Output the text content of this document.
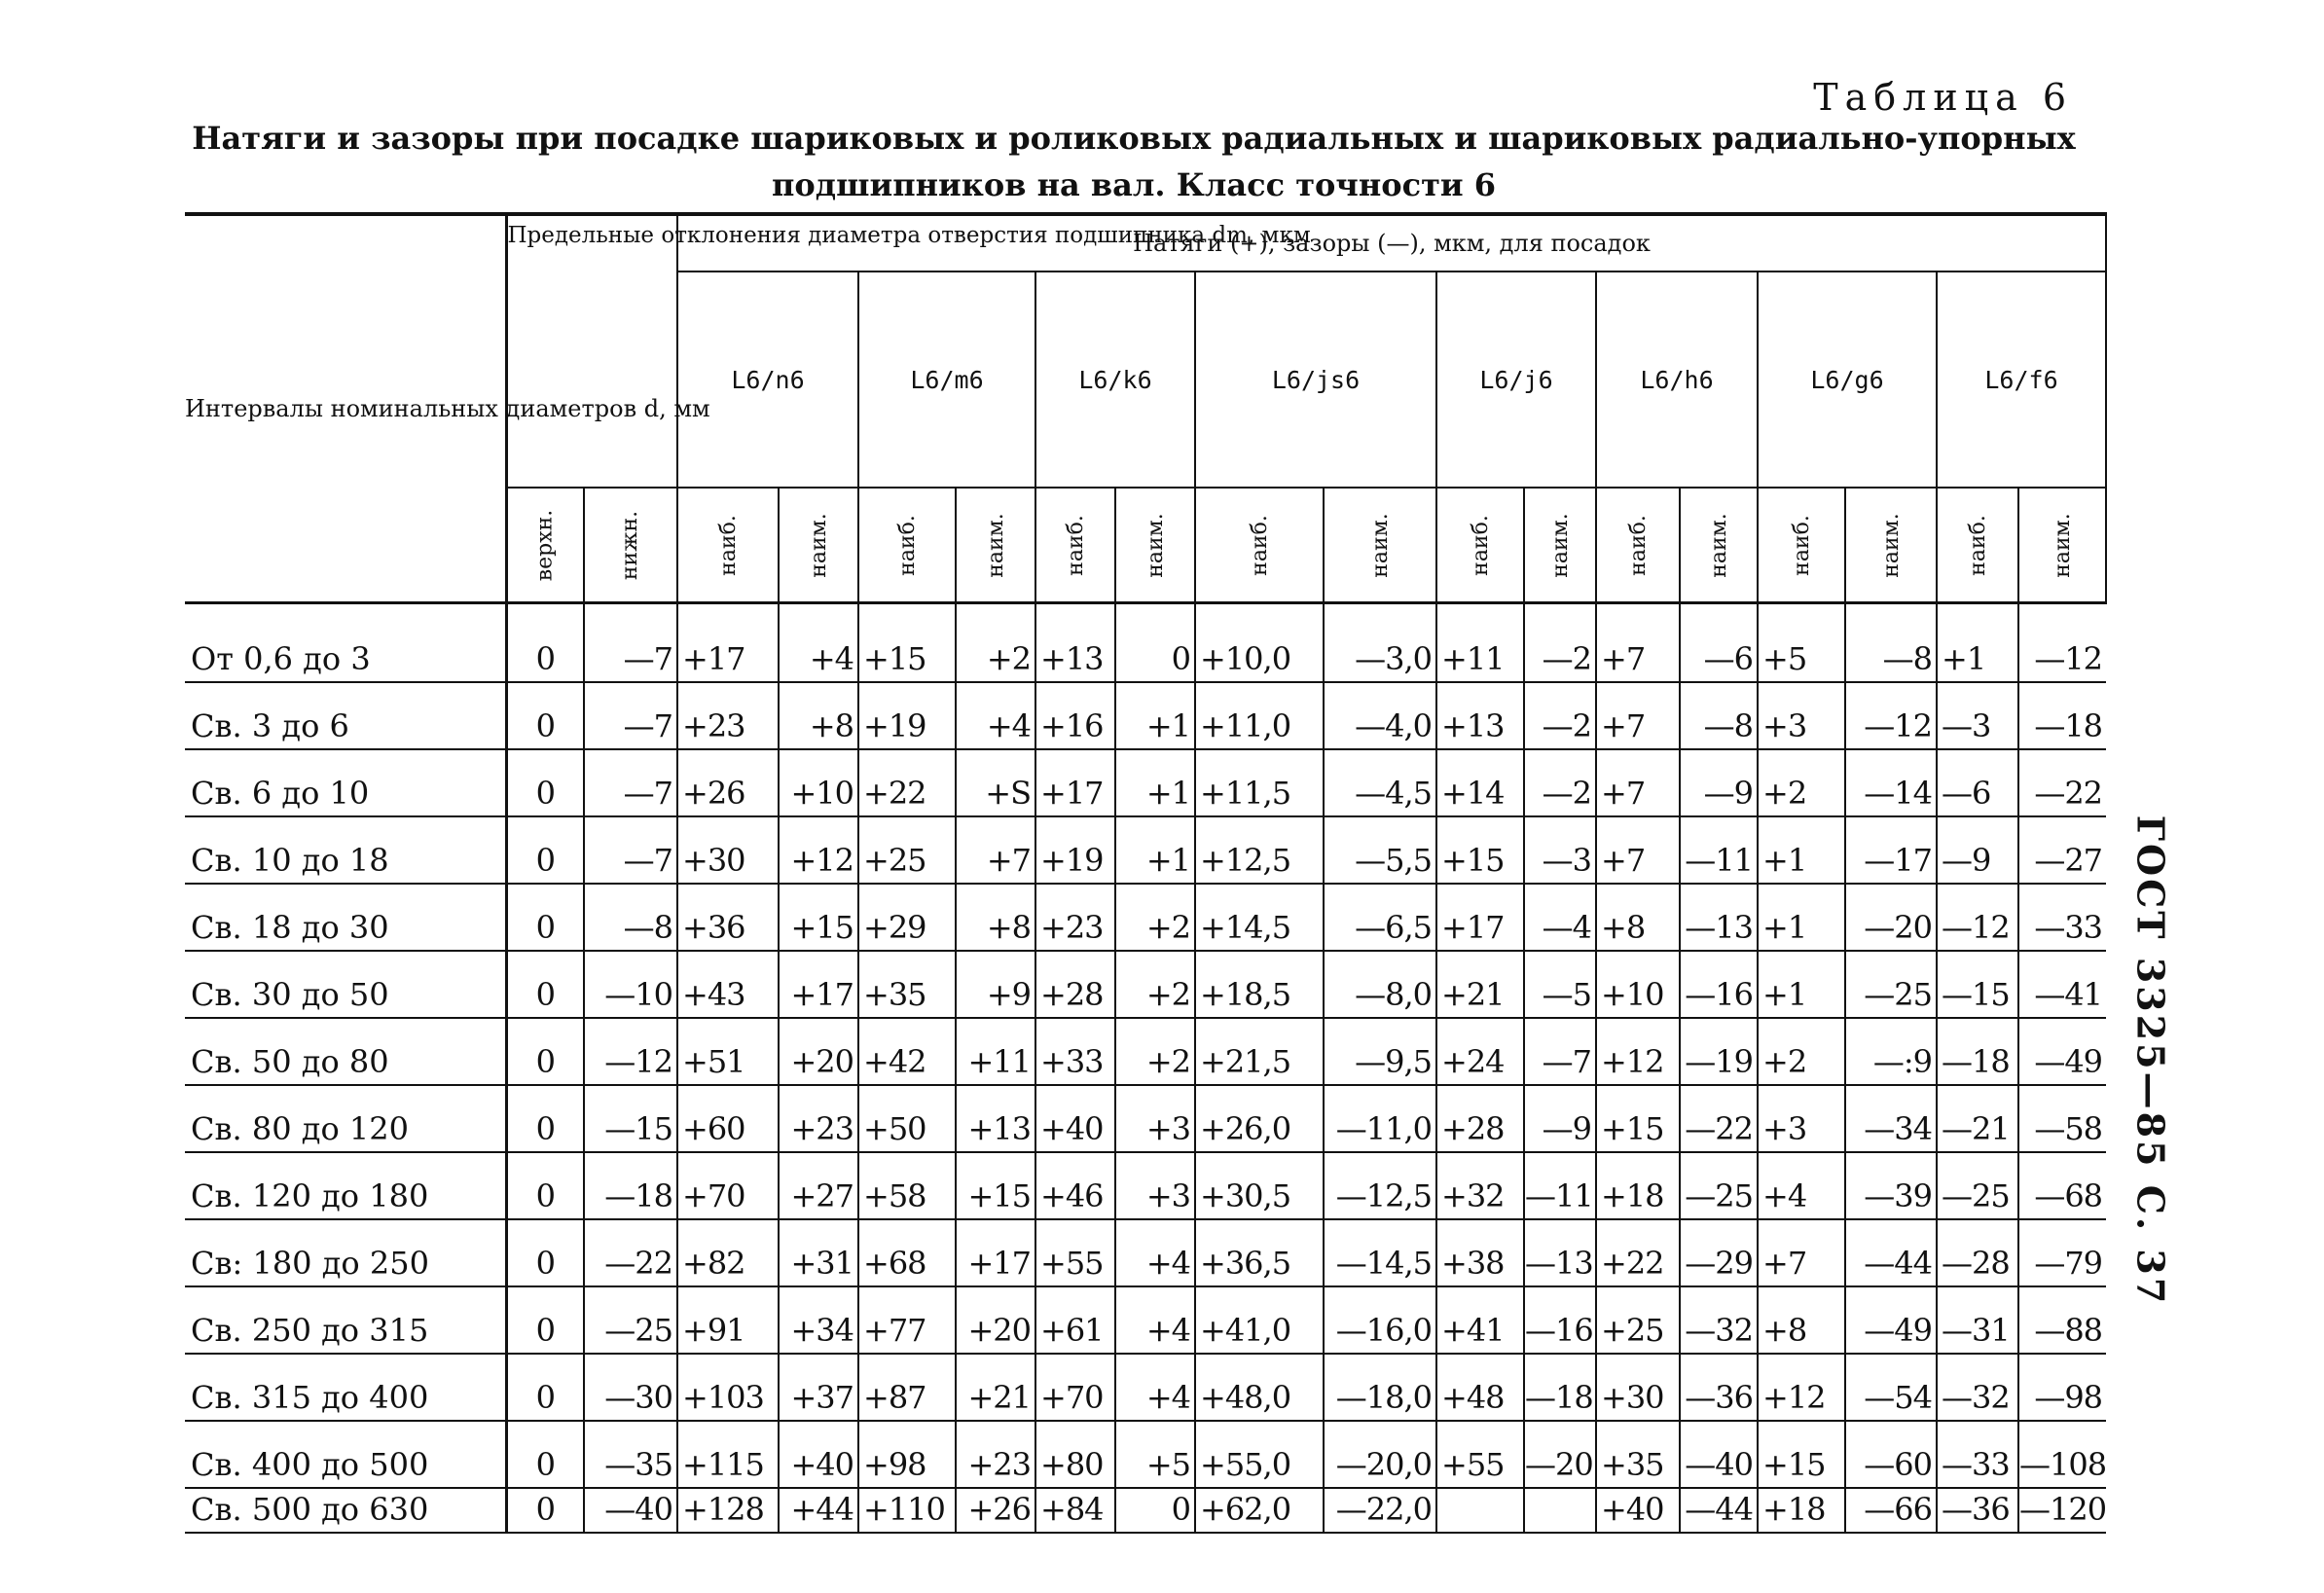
Таблица 6
Натяги и зазоры при посадке шариковых и роликовых радиальных и шариковых радиально-упорных
подшипников на вал. Класс точности 6
ГОСТ 3325—85 С. 37
Интервалы номинальных диаметров d, мм	Предельные отклонения диаметра отверстия подшипника dm, мкм		Натяги (+), зазоры (—), мкм, для посадок															
			L6/n6		L6/m6		L6/k6		L6/js6		L6/j6		L6/h6		L6/g6		L6/f6	
	верхн.	нижн.	наиб.	наим.	наиб.	наим.	наиб.	наим.	наиб.	наим.	наиб.	наим.	наиб.	наим.	наиб.	наим.	наиб.	наим.
От 0,6 до 3	0	—7	+17	+4	+15	+2	+13	0	+10,0	—3,0	+11	—2	+7	—6	+5	—8	+1	—12
Св. 3 до 6	0	—7	+23	+8	+19	+4	+16	+1	+11,0	—4,0	+13	—2	+7	—8	+3	—12	—3	—18
Св. 6 до 10	0	—7	+26	+10	+22	+S	+17	+1	+11,5	—4,5	+14	—2	+7	—9	+2	—14	—6	—22
Св. 10 до 18	0	—7	+30	+12	+25	+7	+19	+1	+12,5	—5,5	+15	—3	+7	—11	+1	—17	—9	—27
Св. 18 до 30	0	—8	+36	+15	+29	+8	+23	+2	+14,5	—6,5	+17	—4	+8	—13	+1	—20	—12	—33
Св. 30 до 50	0	—10	+43	+17	+35	+9	+28	+2	+18,5	—8,0	+21	—5	+10	—16	+1	—25	—15	—41
Св. 50 до 80	0	—12	+51	+20	+42	+11	+33	+2	+21,5	—9,5	+24	—7	+12	—19	+2	—:9	—18	—49
Св. 80 до 120	0	—15	+60	+23	+50	+13	+40	+3	+26,0	—11,0	+28	—9	+15	—22	+3	—34	—21	—58
Св. 120 до 180	0	—18	+70	+27	+58	+15	+46	+3	+30,5	—12,5	+32	—11	+18	—25	+4	—39	—25	—68
Св: 180 до 250	0	—22	+82	+31	+68	+17	+55	+4	+36,5	—14,5	+38	—13	+22	—29	+7	—44	—28	—79
Св. 250 до 315	0	—25	+91	+34	+77	+20	+61	+4	+41,0	—16,0	+41	—16	+25	—32	+8	—49	—31	—88
Св. 315 до 400	0	—30	+103	+37	+87	+21	+70	+4	+48,0	—18,0	+48	—18	+30	—36	+12	—54	—32	—98
Св. 400 до 500	0	—35	+115	+40	+98	+23	+80	+5	+55,0	—20,0	+55	—20	+35	—40	+15	—60	—33	—108
Св. 500 до 630	0	—40	+128	+44	+110	+26	+84	0	+62,0	—22,0			+40	—44	+18	—66	—36	—120
